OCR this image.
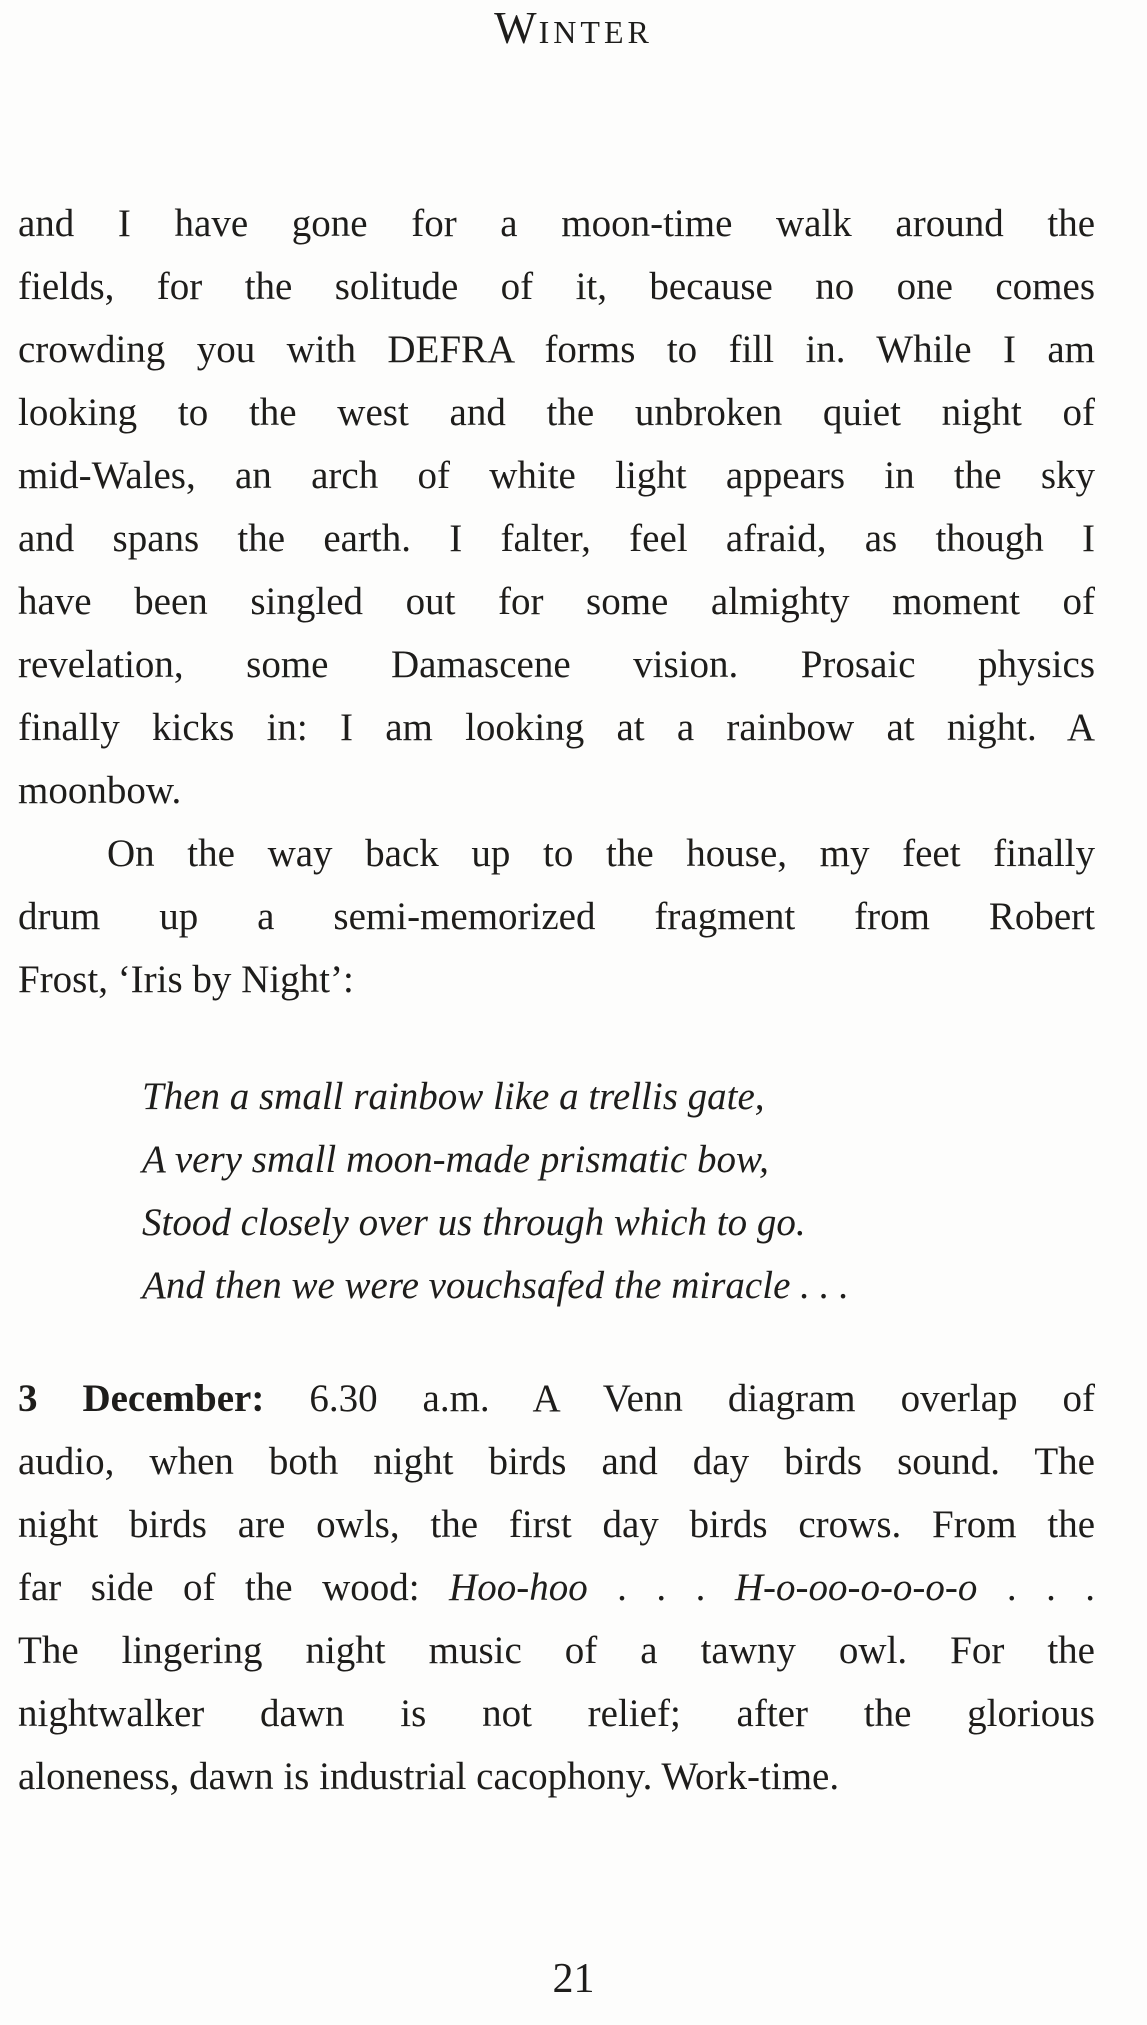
WINTER
and I have gone for a moon-time walk around the
fields, for the solitude of it, because no one comes
crowding you with DEFRA forms to fill in. While I am
looking to the west and the unbroken quiet night of
mid-Wales, an arch of white light appears in the sky
and spans the earth. I falter, feel afraid, as though I
have been singled out for some almighty moment of
revelation, some Damascene vision. Prosaic physics
finally kicks in: I am looking at a rainbow at night. A
moonbow.
On the way back up to the house, my feet finally
drum up a semi-memorized fragment from Robert
Frost, ‘Iris by Night’:
Then a small rainbow like a trellis gate,
A very small moon-made prismatic bow,
Stood closely over us through which to go.
And then we were vouchsafed the miracle . . .
3 December: 6.30 a.m. A Venn diagram overlap of
audio, when both night birds and day birds sound. The
night birds are owls, the first day birds crows. From the
far side of the wood: Hoo-hoo . . . H-o-oo-o-o-o-o . . .
The lingering night music of a tawny owl. For the
nightwalker dawn is not relief; after the glorious
aloneness, dawn is industrial cacophony. Work-time.
21
